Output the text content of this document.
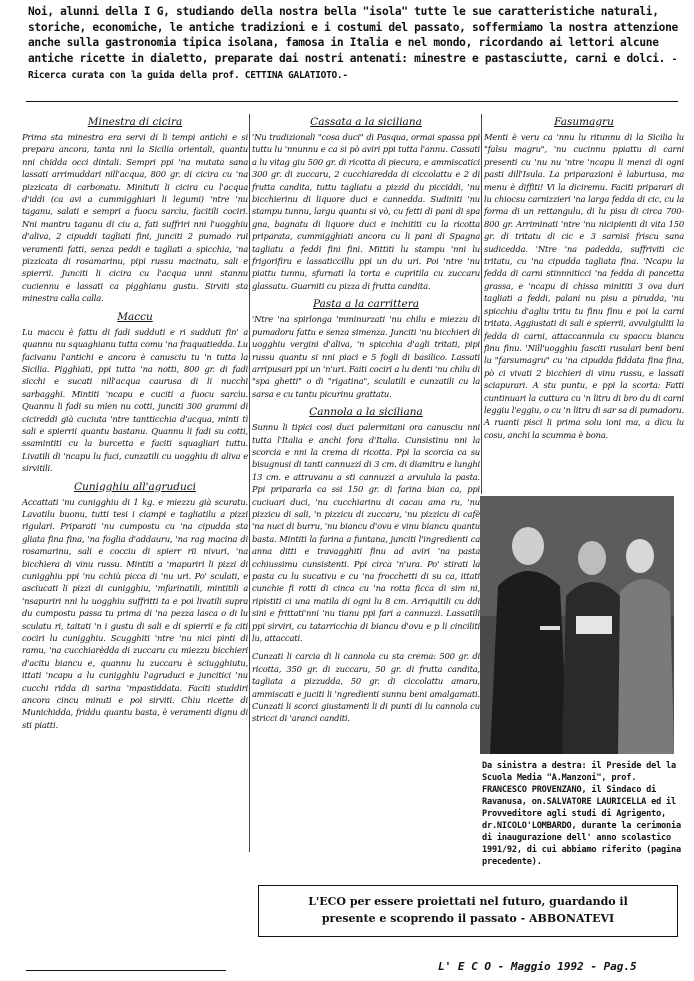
Noi, alunni della I G, studiando della nostra bella "isola" tutte le sue caratteristiche naturali, storiche, economiche, le antiche tradizioni e i costumi del passato, soffermiamo la nostra attenzione anche sulla gastronomia tipica isolana, famosa in Italia e nel mondo, ricordando ai lettori alcune antiche ricette in dialetto, preparate dai nostri antenati: minestre e pastasciutte, carni e dolci. - Ricerca curata con la guida della prof. CETTINA GALATIOTO.-
Minestra di cicira

Prima sta minestra era servi di li tempi antichi e si prepara ancora, tanta nni la Sicilia orientali, quantu nni chidda occi dintali. Sempri ppi 'na mutata sana lassati arrimuddari nill'acqua, 800 gr. di cicira cu 'na pizzicata di carbonatu. Minituti li cicira cu l'acqua d'iddi (ca avi a cummigghiari li legumi) 'ntre 'nu taganu, salati e sempri a fuocu sarcìu, facitili cociri. Nni mantru taganu di ciu a, fati suffriri nni l'uogghiu d'aliva, 2 cipuddi tagliati fini, junciti 2 pumado rui veramenti fatti, senza peddi e tagliati a spicchia, 'na pizzicata di rosamarinu, pipi russu macinatu, sali e spierrii. Junciti li cicira cu l'acqua unni stannu cuciennu e lassati ca pigghianu gustu. Sirviti sta minestra calla calla.

Maccu

Lu maccu è fattu di fadi sudduti e ri sudduti fin' a quannu nu squaghianu tutta comu 'na fraquatiedda. Lu facivanu l'antichi e ancora è canusciu tu 'n tutta la Sicilia. Pigghiati, ppi tutta 'na notti, 800 gr. di fadi sicchi e sucati nill'acqua caurusa di li nucchi sarbagghi. Mintiti 'ncapu e cuciti a fuocu sarcìu. Quannu li fadi su mien nu cotti, junciti 300 grammi di cicireddi già cuciuta 'ntre tantticchia d'acqua, minti tì sali e spierrii quantu bastanu. Quannu li fadi su cotti, ssamintiti cu la burcetta e faciti squagliari tuttu. Livatili di 'ncapu lu fuci, cunzatili cu uogghiu di aliva e sirvitili.

Cunigghiu all'agruduci

Accattati 'nu cunigghiu di 1 kg. e miezzu già scuratu. Lavatilu buonu, tutti tesi i ciampi e tagliatilu a pizzi rigulari. Priparati 'nu cumpostu cu 'na cipudda sta gliata fina fina, 'na foglia d'addauru, 'na rag macina di rosamarinu, sali e cocciu di spierr rii nivuri, 'na bicchiera di vinu russu. Mintiti a 'mapuriri li pizzi di cunigghiu ppi 'nu cchiù picca di 'nu uri. Po' sculati, e asciucati li pizzi di cunigghiu, 'mfarinatili, mintitili a 'nsapuriri nni lu uogghiu suffritti ta e poi livatili supra du cumpostu passa tu prima di 'na pezza lasca o di lu sculatu ri, taitati 'n i gustu di sali e di spierrii e fa citi cociri lu cunigghiu. Scugghiti 'ntre 'nu nici pinti di ramu, 'na cucchiarèdda di zuccaru cu miezzu bicchieri d'acitu biancu e, quannu lu zuccaru è sciugghiutu, ittati 'ncapu a lu cunigghiu l'agruduci e juncitici 'nu cucchi ridda di sarina 'mpastiddata. Faciti studdiri ancora cincu minuti e poi sirviti. Chiu ricette di Munichidda, friddu quantu basta, è veramenti dignu di sti piatti.

Cassata a la siciliana

'Nu tradizionali "cosa duci" di Pasqua, ormai spassa ppi tuttu lu 'nnunnu e ca si pò aviri ppi tutta l'annu. Cassati a lu vitag giu 500 gr. di ricotta di piecura, e ammiscatici 300 gr. di zuccaru, 2 cucchiaredda di ciccolattu e 2 di frutta candita, tuttu tagliatu a pizzid du picciddi, 'nu bicchierinu di liquore duci e cannedda. Sudiniti 'nu stampu tunnu, largu quantu si vò, cu fetti di pani di spa gna, bagnatu di liquore duci e inchititi cu la ricotta priparata, cummigghiati ancora cu li pani di Spagna tagliatu a feddi fini fini. Mittiti lu stampu 'nni lu frigorifiru e lassaticcillu ppi un du uri. Poi 'ntre 'nu piattu tunnu, sfurnati la torta e cupritila cu zuccaru glassatu. Guarniti cu pizza di frutta candita.

Pasta a la carrittera

'Ntre 'na spirlonga 'mminurzati 'nu chilu e miezzu di pumadoru fattu e senza simenza. Junciti 'nu bicchieri di uogghiu vergini d'aliva, 'n spicchia d'agli tritati, pipi russu quantu si nni piaci e 5 fogli di basilico. Lassati arripusari ppi un 'n'uri. Faiti cociri a lu denti 'nu chilu di "spa ghetti" o di "rigatina", sculatili e cunzatili cu la sarsa e cu tantu picurinu grattatu.

Cannola a la siciliana

Sunnu li tipici cosi duci palermitani ora canusciu nni tutta l'Italia e anchi fora d'Italia. Cunsistinu nni la scorcia e nni la crema di ricotta. Ppi la scorcia ca su bisugnusi di tanti cannuzzi di 3 cm. di diamitru e lunghi 13 cm. e attruvanu a sti cannuzzi a arvulula la pasta. Ppi pripararla ca ssi 150 gr. di farina bian ca, ppi cuciuari duci, 'nu cucchiarinu di cacau ama ru, 'nu pizzicu di sali, 'n pizzicu di zuccaru, 'nu pizzicu di cafè 'na nuci di burru, 'nu biancu d'ovu e vinu biancu quantu basta. Mintiti la farina a funtana, junciti l'ingredienti ca anna ditti e travagghiti finu ad aviri 'na pasta cchiussimu cunsistenti. Ppi circa 'n'ura. Po' stirati la pasta cu lu sucativu e cu 'na frocchetti di su ca, ittati cunchie fi rotti di cinca cu 'na rotta ficca di sim ni, ripistiti ci una matila di ogni lu 8 cm. Arriquitili cu ddi sini e frittati'nni 'nu tianu ppi fari a cannuzzi. Lassatili ppi sirviri, cu tatarricchia di biancu d'ovu e p li cinciliti lu, attaccati.

Cunzati li carcia di li cannola cu sta crema: 500 gr. di ricotta, 350 gr. di zuccaru, 50 gr. di frutta candita, tagliata a pizzudda, 50 gr. di ciccolattu amaru, ammiscati e juciti li 'ngredienti sunnu beni amalgamati. Cunzati li scorci giustamenti li di punti di lu cannola cu stricci di 'aranci canditi.

Fasumagru

Menti è veru ca 'nnu lu ritunnu di la Sicilia lu "falsu magru", 'nu cucinnu ppiattu di carni presenti cu 'nu nu 'ntre 'ncapu li menzi di ogni pasti dill'Isula. La priparazioni è laburiusa, ma menu è diffiti! Vi la diciremu. Faciti priparari di lu chiocsu carnizzieri 'na larga fedda di cic, cu la forma di un rettangulu, di lu pisu di circa 700-800 gr. Arriminati 'ntre 'nu nicipienti di vita 150 gr. di tritatu di cic e 3 sarnisi friscu sana sudicedda. 'Ntre 'na padedda, suffriviti cic tritatu, cu 'na cipudda tagliata fina. 'Ncapu la fedda di carni stinnniticci 'na fedda di pancetta grassa, e 'ncapu di chissa minititi 3 ova duri tagliati a feddi, palani nu pisu a pirudda, 'nu spicchiu d'agliu tritu tu finu finu e poi la carni tritata. Aggiustati di sali e spierrii, avvulgiuliti la fedda di carni, attaccannula cu spaccu biancu finu finu. 'Nill'uogghiu fasciti rusulari beni beni lu "farsumagru" cu 'na cipudda fiddata fina fina, pò ci vivati 2 bicchieri di vinu russu, e lassati sciapurari. A stu puntu, e ppi la scorta: Fatti cuntinuari la cuttura cu 'n litru di bro du di carni leggiu l'eggiu, o cu 'n litru di sar sa di pumadoru. A ruanti pisci li prima solu ioni ma, a dicu lu cosu, anchi la scumma è bona.

Da sinistra a destra: il Preside del la Scuola Media "A.Manzoni", prof. FRANCESCO PROVENZANO, il Sindaco di Ravanusa, on.SALVATORE LAURICELLA ed il Provveditore agli studi di Agrigento, dr.NICOLO'LOMBARDO, durante la cerimonia di inaugurazione dell' anno scolastico 1991/92, di cui abbiamo riferito (pagina precedente).
L'ECO per essere proiettati nel futuro, guardando il
presente e scoprendo il passato - ABBONATEVI
L' E C O - Maggio 1992 - Pag.5
